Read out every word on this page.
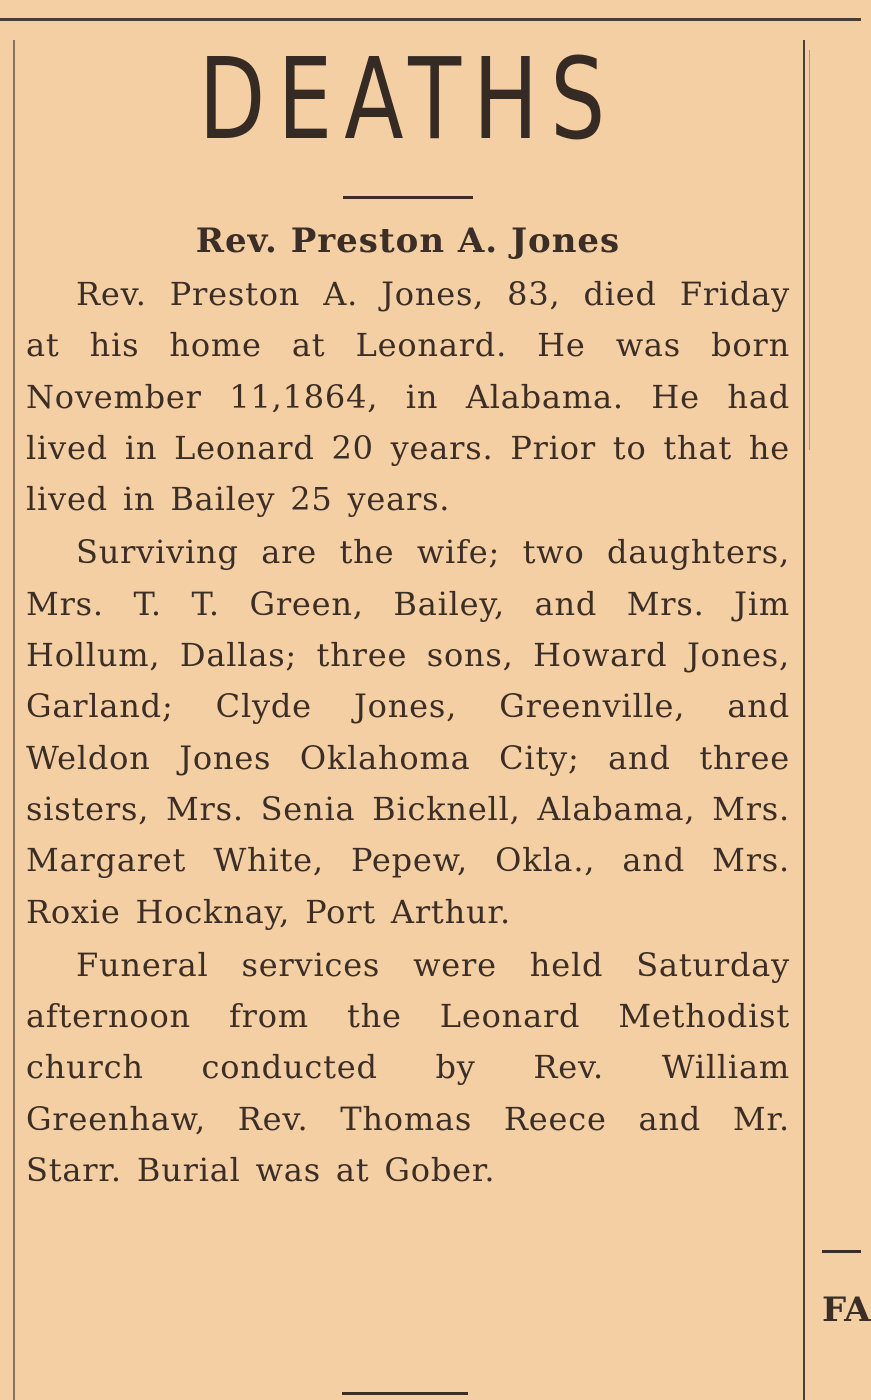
DEATHS
Rev. Preston A. Jones

Rev. Preston A. Jones, 83, died Friday at his home at Leonard. He was born November 11,1864, in Alabama. He had lived in Leonard 20 years. Prior to that he lived in Bailey 25 years.

Surviving are the wife; two daughters, Mrs. T. T. Green, Bailey, and Mrs. Jim Hollum, Dallas; three sons, Howard Jones, Garland; Clyde Jones, Greenville, and Weldon Jones Oklahoma City; and three sisters, Mrs. Senia Bicknell, Alabama, Mrs. Margaret White, Pepew, Okla., and Mrs. Roxie Hocknay, Port Arthur.

Funeral services were held Saturday afternoon from the Leonard Methodist church conducted by Rev. William Greenhaw, Rev. Thomas Reece and Mr. Starr. Burial was at Gober.

FA
